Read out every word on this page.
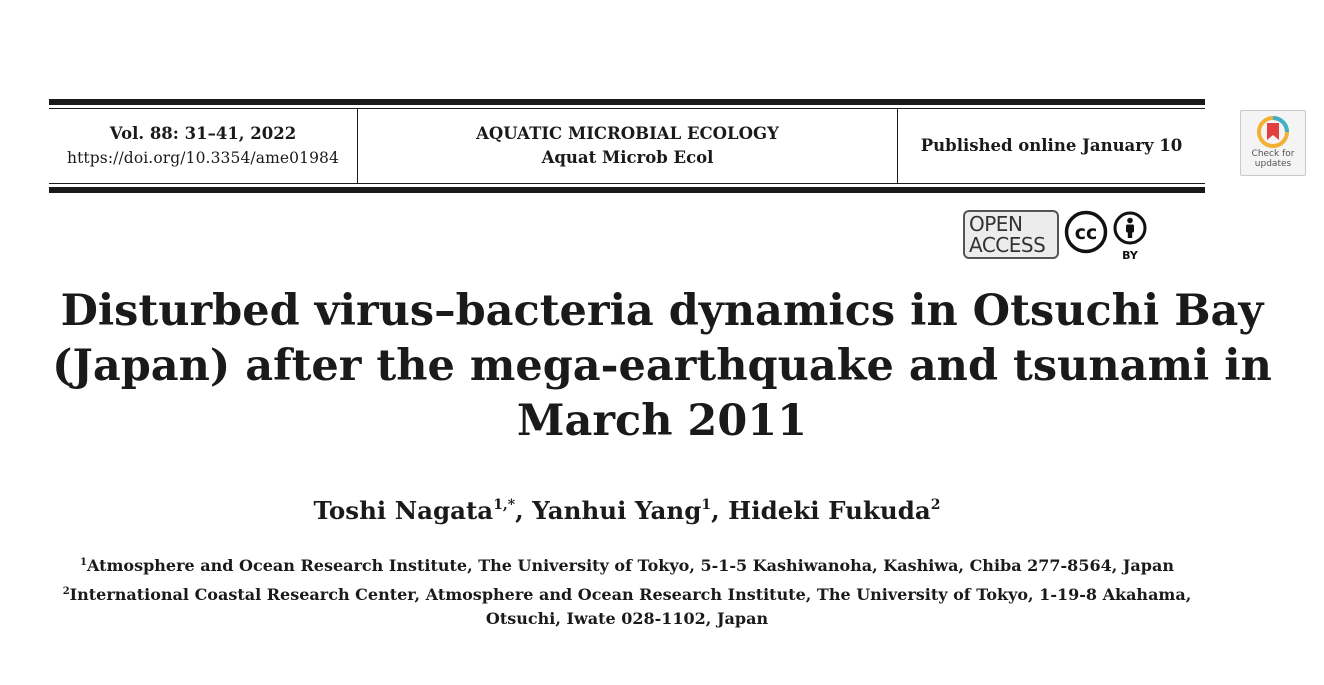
Vol. 88: 31–41, 2022
https://doi.org/10.3354/ame01984
AQUATIC MICROBIAL ECOLOGY
Aquat Microb Ecol
Published online January 10	Check for
updates
OPEN
ACCESS	cc
BY
Disturbed virus–bacteria dynamics in Otsuchi Bay (Japan) after the mega-earthquake and tsunami in March 2011
Toshi Nagata$^{1,*}$, Yanhui Yang$^1$, Hideki Fukuda$^2$
$^1$Atmosphere and Ocean Research Institute, The University of Tokyo, 5-1-5 Kashiwanoha, Kashiwa, Chiba 277-8564, Japan
$^2$International Coastal Research Center, Atmosphere and Ocean Research Institute, The University of Tokyo, 1-19-8 Akahama, Otsuchi, Iwate 028-1102, Japan
